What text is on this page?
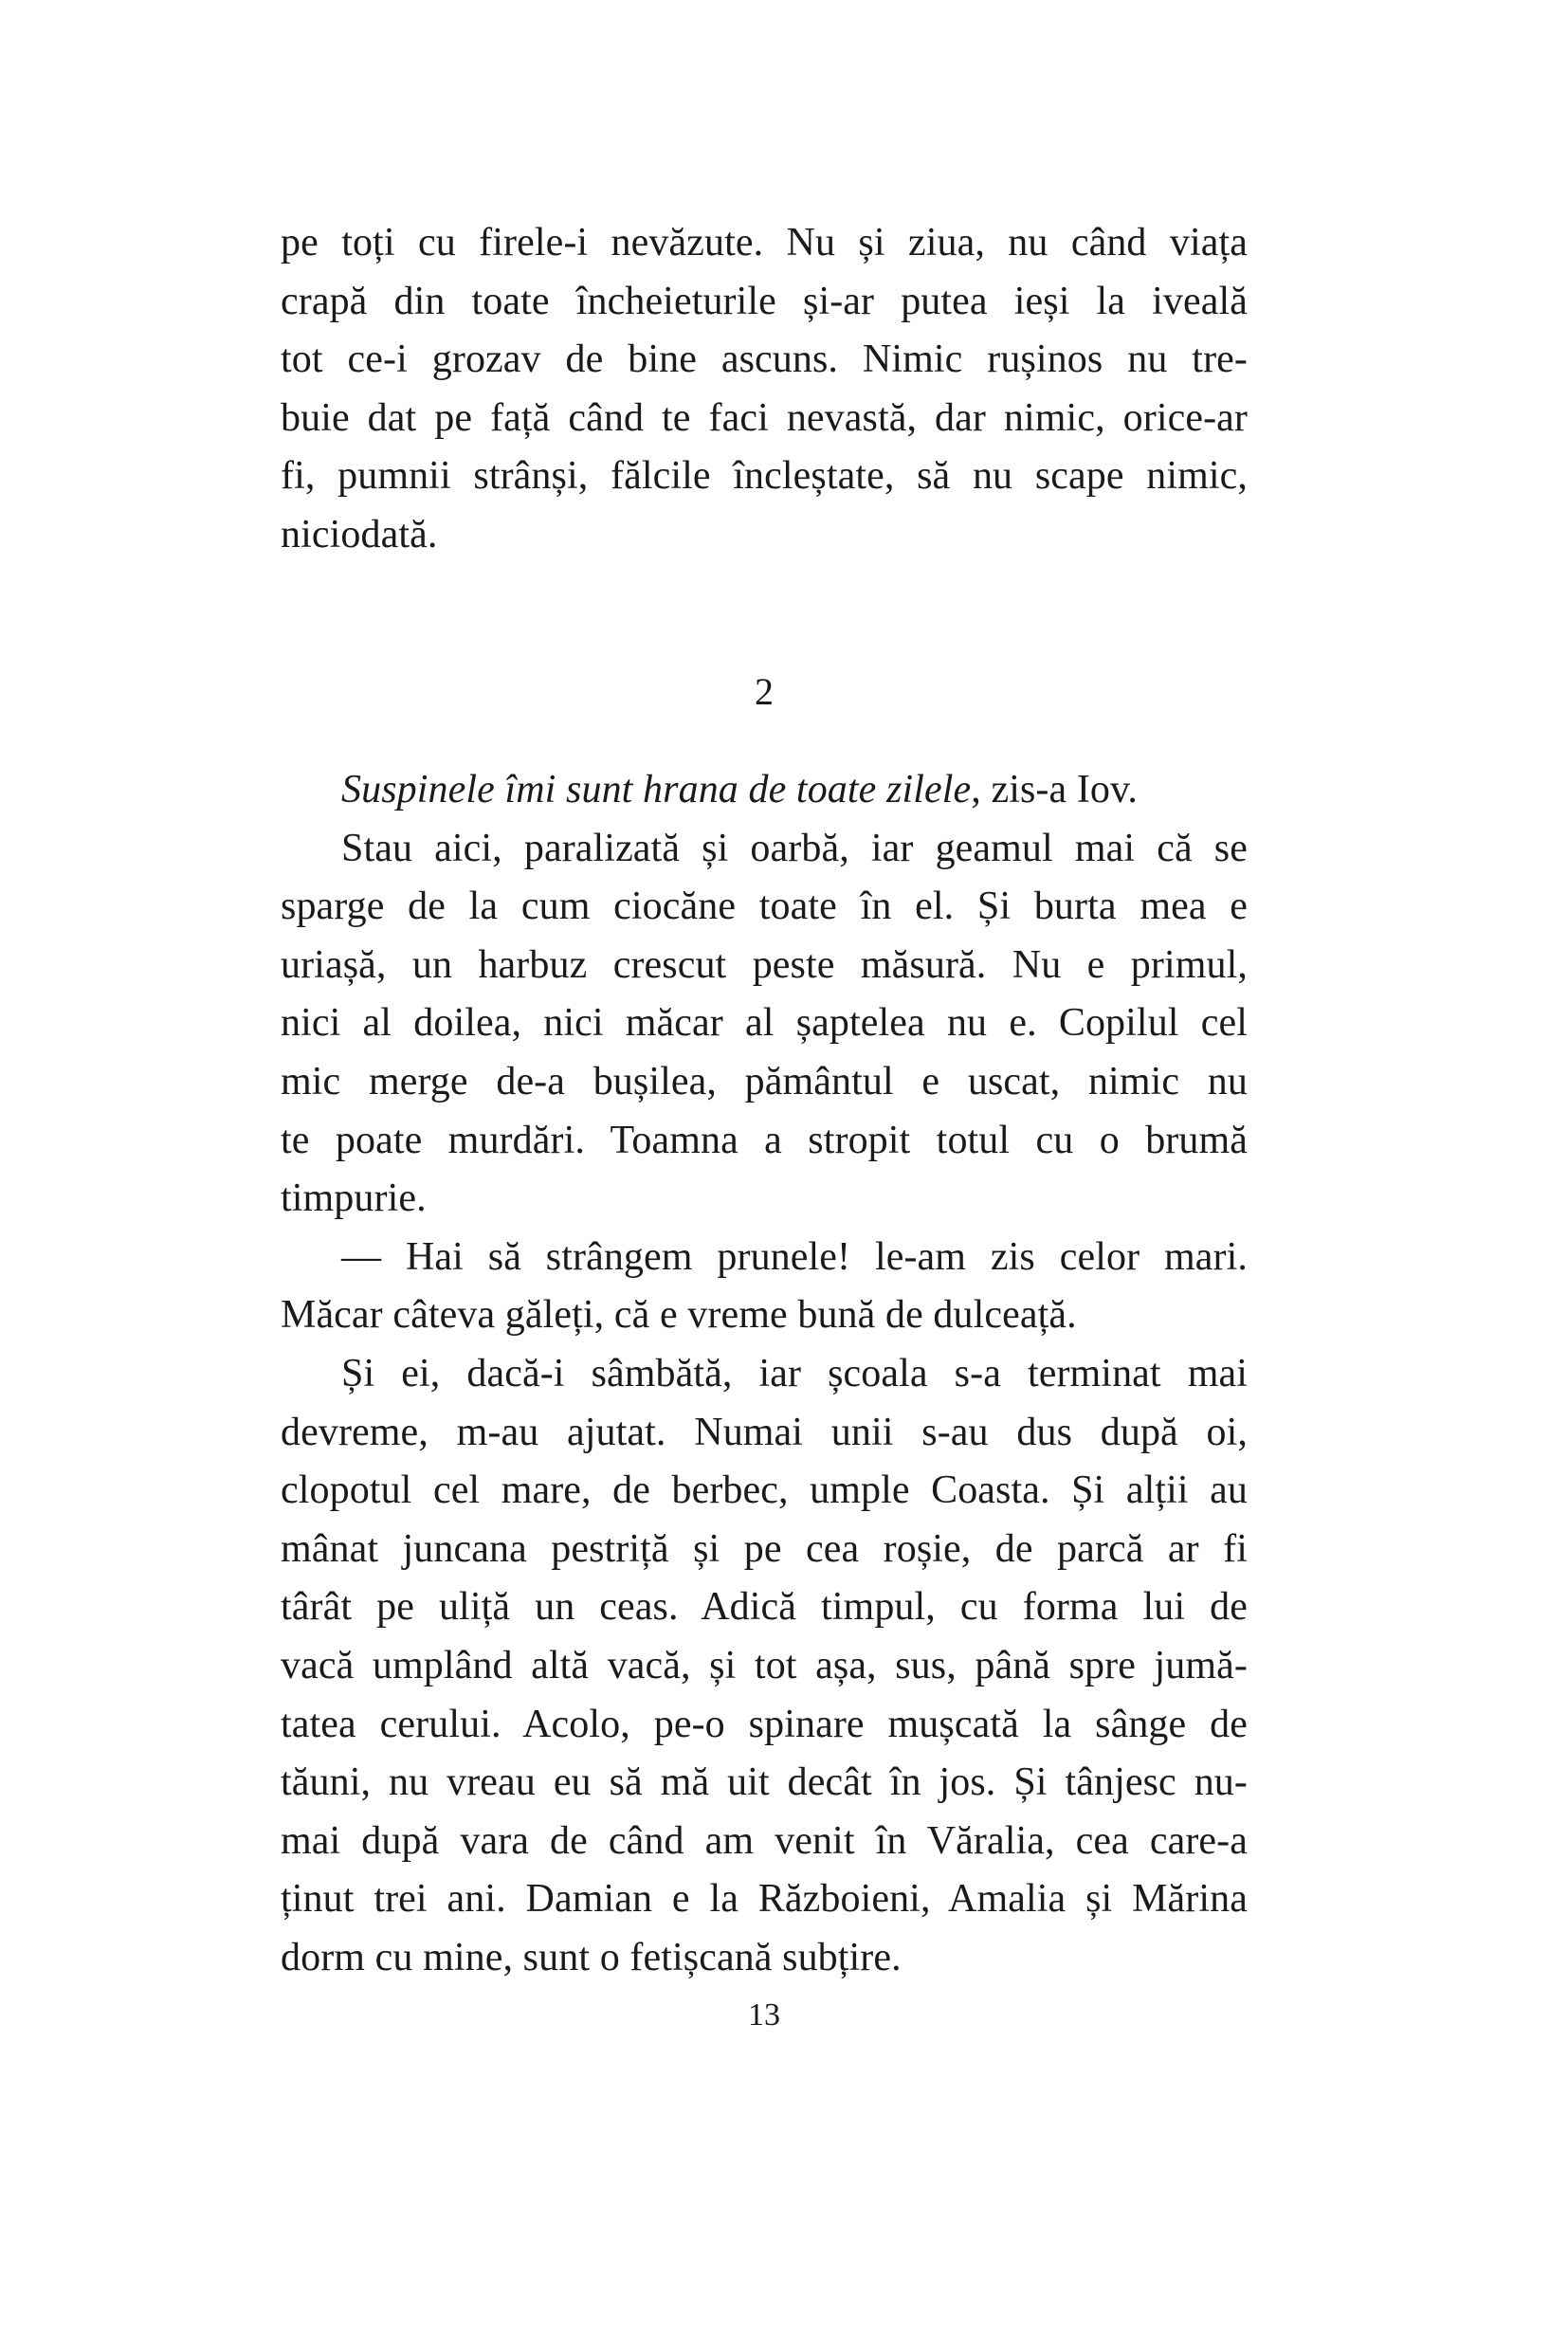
pe toți cu firele-i nevăzute. Nu și ziua, nu când viața
crapă din toate încheieturile și-ar putea ieși la iveală
tot ce-i grozav de bine ascuns. Nimic rușinos nu tre-
buie dat pe față când te faci nevastă, dar nimic, orice-ar
fi, pumnii strânși, fălcile încleștate, să nu scape nimic,
niciodată.
2
Suspinele îmi sunt hrana de toate zilele, zis-a Iov.
Stau aici, paralizată și oarbă, iar geamul mai că se
sparge de la cum ciocăne toate în el. Și burta mea e
uriașă, un harbuz crescut peste măsură. Nu e primul,
nici al doilea, nici măcar al șaptelea nu e. Copilul cel
mic merge de-a bușilea, pământul e uscat, nimic nu
te poate murdări. Toamna a stropit totul cu o brumă
timpurie.
— Hai să strângem prunele! le-am zis celor mari.
Măcar câteva găleți, că e vreme bună de dulceață.
Și ei, dacă-i sâmbătă, iar școala s-a terminat mai
devreme, m-au ajutat. Numai unii s-au dus după oi,
clopotul cel mare, de berbec, umple Coasta. Și alții au
mânat juncana pestriță și pe cea roșie, de parcă ar fi
târât pe uliță un ceas. Adică timpul, cu forma lui de
vacă umplând altă vacă, și tot așa, sus, până spre jumă-
tatea cerului. Acolo, pe-o spinare mușcată la sânge de
tăuni, nu vreau eu să mă uit decât în jos. Și tânjesc nu-
mai după vara de când am venit în Văralia, cea care-a
ținut trei ani. Damian e la Războieni, Amalia și Mărina
dorm cu mine, sunt o fetișcană subțire.
13
